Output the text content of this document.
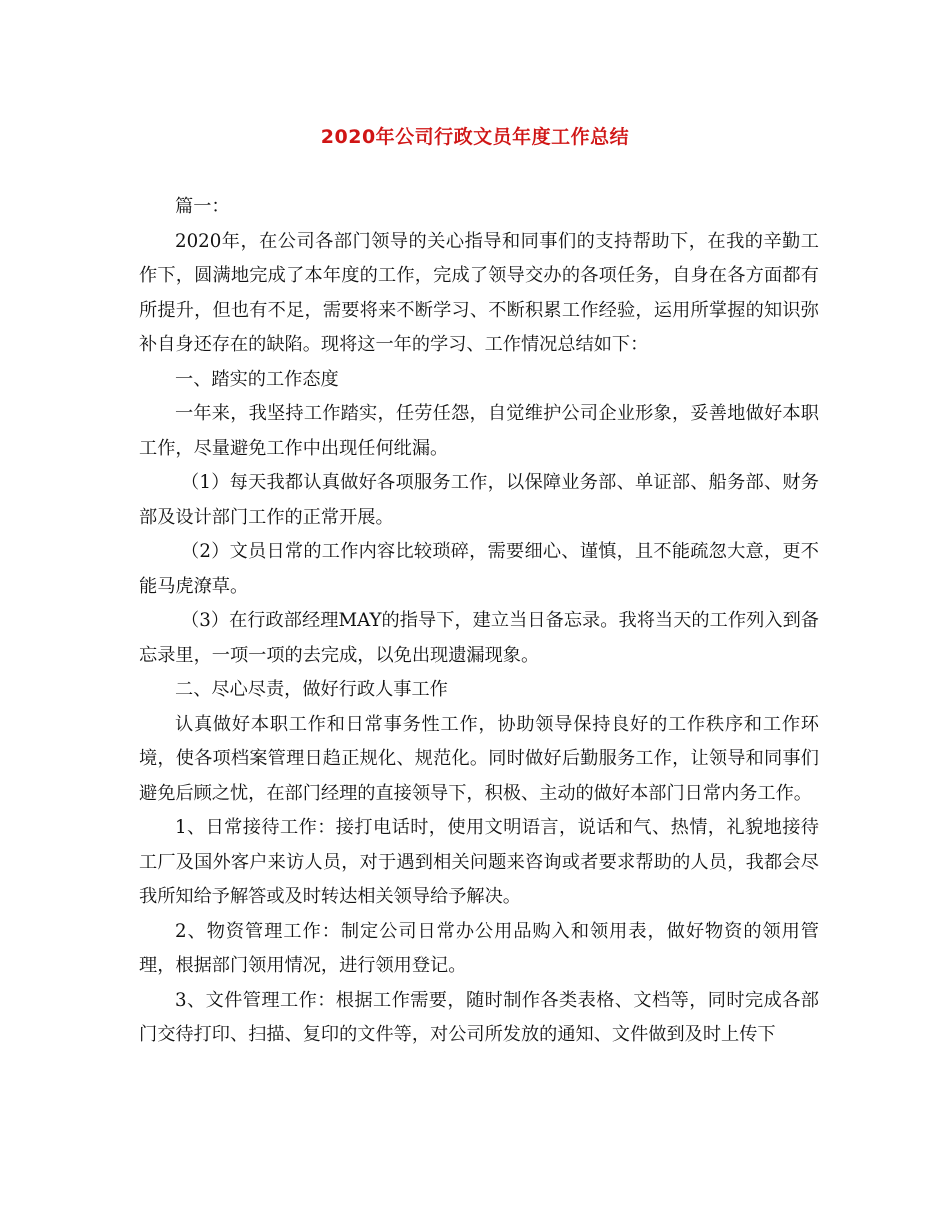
2020年公司行政文员年度工作总结

篇一：

2020年，在公司各部门领导的关心指导和同事们的支持帮助下，在我的辛勤工作下，圆满地完成了本年度的工作，完成了领导交办的各项任务，自身在各方面都有所提升，但也有不足，需要将来不断学习、不断积累工作经验，运用所掌握的知识弥补自身还存在的缺陷。现将这一年的学习、工作情况总结如下：

一、踏实的工作态度

一年来，我坚持工作踏实，任劳任怨，自觉维护公司企业形象，妥善地做好本职工作，尽量避免工作中出现任何纰漏。

（1）每天我都认真做好各项服务工作，以保障业务部、单证部、船务部、财务部及设计部门工作的正常开展。

（2）文员日常的工作内容比较琐碎，需要细心、谨慎，且不能疏忽大意，更不能马虎潦草。

（3）在行政部经理MAY的指导下，建立当日备忘录。我将当天的工作列入到备忘录里，一项一项的去完成，以免出现遗漏现象。

二、尽心尽责，做好行政人事工作

认真做好本职工作和日常事务性工作，协助领导保持良好的工作秩序和工作环境，使各项档案管理日趋正规化、规范化。同时做好后勤服务工作，让领导和同事们避免后顾之忧，在部门经理的直接领导下，积极、主动的做好本部门日常内务工作。

1、日常接待工作：接打电话时，使用文明语言，说话和气、热情，礼貌地接待工厂及国外客户来访人员，对于遇到相关问题来咨询或者要求帮助的人员，我都会尽我所知给予解答或及时转达相关领导给予解决。

2、物资管理工作：制定公司日常办公用品购入和领用表，做好物资的领用管理，根据部门领用情况，进行领用登记。

3、文件管理工作：根据工作需要，随时制作各类表格、文档等，同时完成各部门交待打印、扫描、复印的文件等，对公司所发放的通知、文件做到及时上传下
